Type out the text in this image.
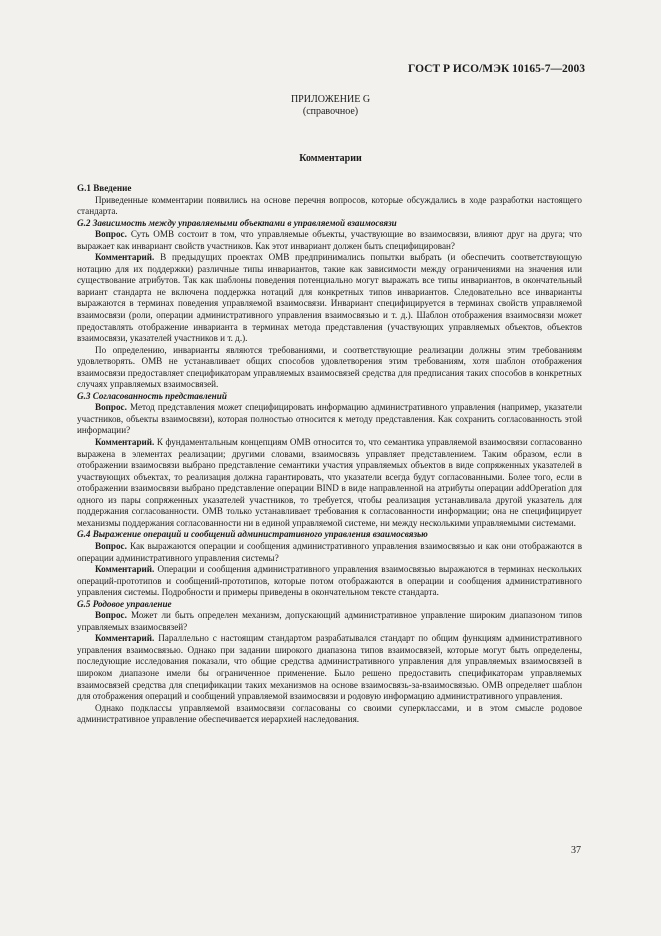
ГОСТ Р ИСО/МЭК 10165-7—2003
ПРИЛОЖЕНИЕ G
(справочное)
Комментарии

G.1 Введение

Приведенные комментарии появились на основе перечня вопросов, которые обсуждались в ходе разработки настоящего стандарта.

G.2 Зависимость между управляемыми объектами в управляемой взаимосвязи

Вопрос. Суть ОМВ состоит в том, что управляемые объекты, участвующие во взаимосвязи, влияют друг на друга; что выражает как инвариант свойств участников. Как этот инвариант должен быть специфицирован?

Комментарий. В предыдущих проектах ОМВ предпринимались попытки выбрать (и обеспечить соответствующую нотацию для их поддержки) различные типы инвариантов, такие как зависимости между ограничениями на значения или существование атрибутов. Так как шаблоны поведения потенциально могут выражать все типы инвариантов, в окончательный вариант стандарта не включена поддержка нотаций для конкретных типов инвариантов. Следовательно все инварианты выражаются в терминах поведения управляемой взаимосвязи. Инвариант специфицируется в терминах свойств управляемой взаимосвязи (роли, операции административного управления взаимосвязью и т. д.). Шаблон отображения взаимосвязи может предоставлять отображение инварианта в терминах метода представления (участвующих управляемых объектов, объектов взаимосвязи, указателей участников и т. д.).

По определению, инварианты являются требованиями, и соответствующие реализации должны этим требованиям удовлетворять. ОМВ не устанавливает общих способов удовлетворения этим требованиям, хотя шаблон отображения взаимосвязи предоставляет спецификаторам управляемых взаимосвязей средства для предписания таких способов в конкретных случаях управляемых взаимосвязей.

G.3 Согласованность представлений

Вопрос. Метод представления может специфицировать информацию административного управления (например, указатели участников, объекты взаимосвязи), которая полностью относится к методу представления. Как сохранить согласованность этой информации?

Комментарий. К фундаментальным концепциям ОМВ относится то, что семантика управляемой взаимосвязи согласованно выражена в элементах реализации; другими словами, взаимосвязь управляет представлением. Таким образом, если в отображении взаимосвязи выбрано представление семантики участия управляемых объектов в виде сопряженных указателей в участвующих объектах, то реализация должна гарантировать, что указатели всегда будут согласованными. Более того, если в отображении взаимосвязи выбрано представление операции BIND в виде направленной на атрибуты операции addOperation для одного из пары сопряженных указателей участников, то требуется, чтобы реализация устанавливала другой указатель для поддержания согласованности. ОМВ только устанавливает требования к согласованности информации; она не специфицирует механизмы поддержания согласованности ни в единой управляемой системе, ни между несколькими управляемыми системами.

G.4 Выражение операций и сообщений административного управления взаимосвязью

Вопрос. Как выражаются операции и сообщения административного управления взаимосвязью и как они отображаются в операции административного управления системы?

Комментарий. Операции и сообщения административного управления взаимосвязью выражаются в терминах нескольких операций-прототипов и сообщений-прототипов, которые потом отображаются в операции и сообщения административного управления системы. Подробности и примеры приведены в окончательном тексте стандарта.

G.5 Родовое управление

Вопрос. Может ли быть определен механизм, допускающий административное управление широким диапазоном типов управляемых взаимосвязей?

Комментарий. Параллельно с настоящим стандартом разрабатывался стандарт по общим функциям административного управления взаимосвязью. Однако при задании широкого диапазона типов взаимосвязей, которые могут быть определены, последующие исследования показали, что общие средства административного управления для управляемых взаимосвязей в широком диапазоне имели бы ограниченное применение. Было решено предоставить спецификаторам управляемых взаимосвязей средства для спецификации таких механизмов на основе взаимосвязь-за-взаимосвязью. ОМВ определяет шаблон для отображения операций и сообщений управляемой взаимосвязи и родовую информацию административного управления.

Однако подклассы управляемой взаимосвязи согласованы со своими суперклассами, и в этом смысле родовое административное управление обеспечивается иерархией наследования.

37
